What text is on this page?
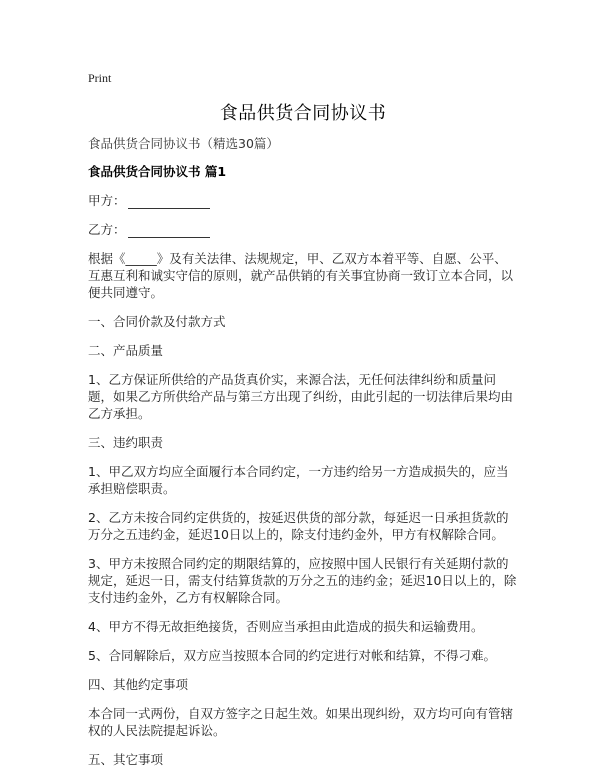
Print
食品供货合同协议书
食品供货合同协议书（精选30篇）
食品供货合同协议书 篇1
甲方：
乙方：

根据《_____》及有关法律、法规规定，甲、乙双方本着平等、自愿、公平、互惠互利和诚实守信的原则，就产品供销的有关事宜协商一致订立本合同，以便共同遵守。

一、合同价款及付款方式

二、产品质量

1、乙方保证所供给的产品货真价实，来源合法，无任何法律纠纷和质量问题，如果乙方所供给产品与第三方出现了纠纷，由此引起的一切法律后果均由乙方承担。

三、违约职责

1、甲乙双方均应全面履行本合同约定，一方违约给另一方造成损失的，应当承担赔偿职责。

2、乙方未按合同约定供货的，按延迟供货的部分款，每延迟一日承担货款的万分之五违约金，延迟10日以上的，除支付违约金外，甲方有权解除合同。

3、甲方未按照合同约定的期限结算的，应按照中国人民银行有关延期付款的规定，延迟一日，需支付结算货款的万分之五的违约金；延迟10日以上的，除支付违约金外，乙方有权解除合同。

4、甲方不得无故拒绝接货，否则应当承担由此造成的损失和运输费用。

5、合同解除后，双方应当按照本合同的约定进行对帐和结算，不得刁难。

四、其他约定事项

本合同一式两份，自双方签字之日起生效。如果出现纠纷，双方均可向有管辖权的人民法院提起诉讼。

五、其它事项
